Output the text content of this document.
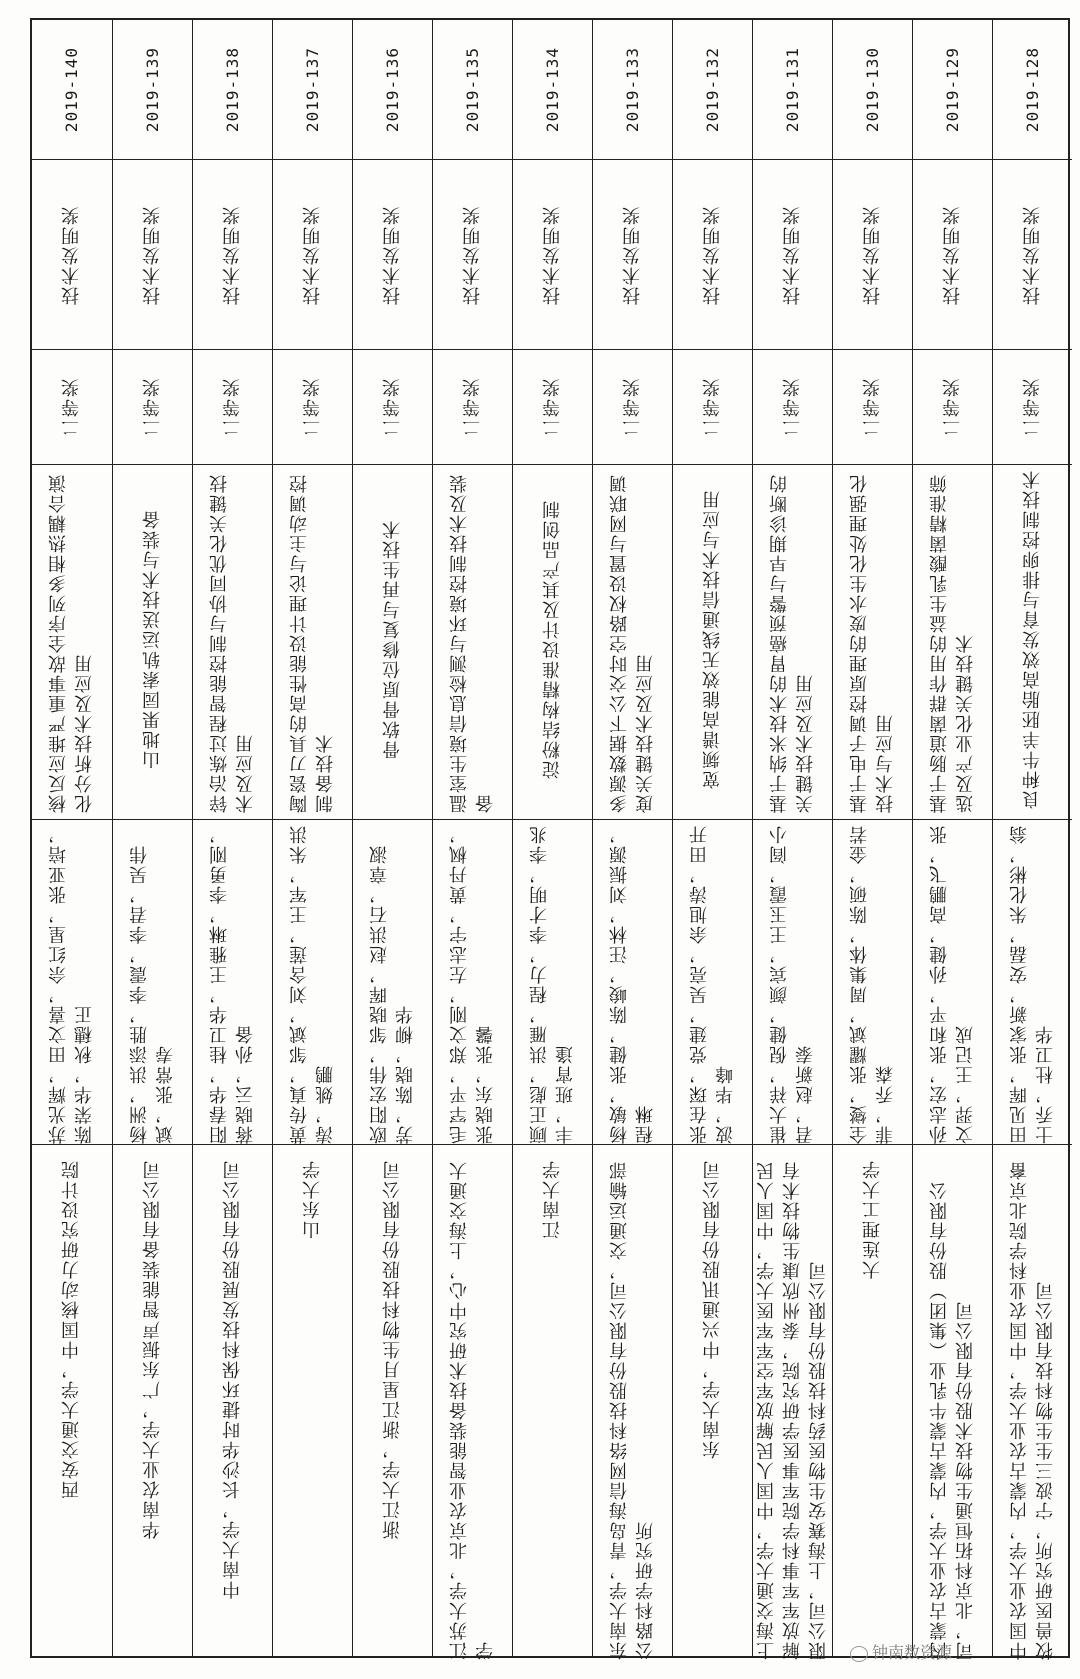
2019-128
技术发明奖
二等奖
良种牛羊胚胎高效发育与排卵控制技术
田见晖，张家新，安磊，朱化彬，翁士乔，杜卫华
中国农业大学，内蒙古农业大学，中国农业科学院北京畜牧兽医研究所，宁波三生生物科技有限公司
2019-129
技术发明奖
二等奖
基于肠道菌群作用的益生乳酸菌精准筛选及产业化关键技术
孙志宏，张和平，孙健，高鹏飞，张文羿，王记成
内蒙古农业大学，内蒙古蒙牛乳业（集团）股份有限公司，北京科拓恒通生物技术股份有限公司
2019-130
技术发明奖
二等奖
基于电子调控原理的废水生化处理强化技术与应用
全燮，张耀斌，周集体，陈硕，金若菲，乔森
大连理工大学
2019-131
技术发明奖
二等奖
基于纳米技术的胃癌预警与早期诊断的关键技术及应用
崔大祥，倪健，颜宾，王玉霞，阎小君，赵新泰
上海交通大学，中国人民解放军空军军医大学，中国人民解放军军事科学院军事医学研究院，泰州欣康生物技术有限公司，上海赛安生物医药科技股份有限公司
2019-132
技术发明奖
二等奖
宽频谱高能效无线通信技术与应用
张在琛，党建，吴亮，余旭涛，田开波，毕峰
东南大学，中兴通讯股份有限公司
2019-133
技术发明奖
二等奖
多源数据下公交时空路权设置与网联调度关键技术及应用
杨敏，张健，陈峻，汪林，刘振源，程琳
东南大学，青岛海信网络科技股份有限公司，交通运输部公路科学研究所
2019-134
技术发明奖
二等奖
淀粉结构精准设计及其产品创制
顾正彪，洪雁，程力，李才明，李兆丰，班宵逢
江南大学
2019-135
技术发明奖
二等奖
温室生境信息检测与环境控制技术及装备
毛罕平，郑文刚，左志宇，黄丹枫，张晓东，张馨
江苏大学，北京农业智能装备技术研究中心，上海交通大学
2019-136
技术发明奖
二等奖
骨软骨原位修复与再生技术
欧阳宏伟，邹晓晖，赵洪石，章淑芳，陈晓，柳华
浙江大学，浙江星月生物科技股份有限公司
2019-137
技术发明奖
二等奖
陶瓷刀具的高性能设计理论与主动调控制备技术
黄传真，邹斌，刘含莲，王军，朱洪涛，姚鹏
山东大学
2019-138
技术发明奖
二等奖
锌冶炼过程智能控制与协同优化关键技术及应用
阳春华，桂卫华，王雅琳，李勇刚，蒋晓云，孙备
中南大学，长沙华时捷环保科技发展股份有限公司
2019-139
技术发明奖
二等奖
山地果园索轨运送技术与装备
杨洲，洪添胜，李震，李君，吴伟斌，张常寿
华南农业大学，广东振声智能装备有限公司
2019-140
技术发明奖
二等奖
核反应堆严重事故全序列多相热耦合演化分析技术及应用
苏光辉，田文喜，佘红星，张亚培，陈荣华，秋穗正
西安交通大学，中国核动力研究设计院
钟南数资源
